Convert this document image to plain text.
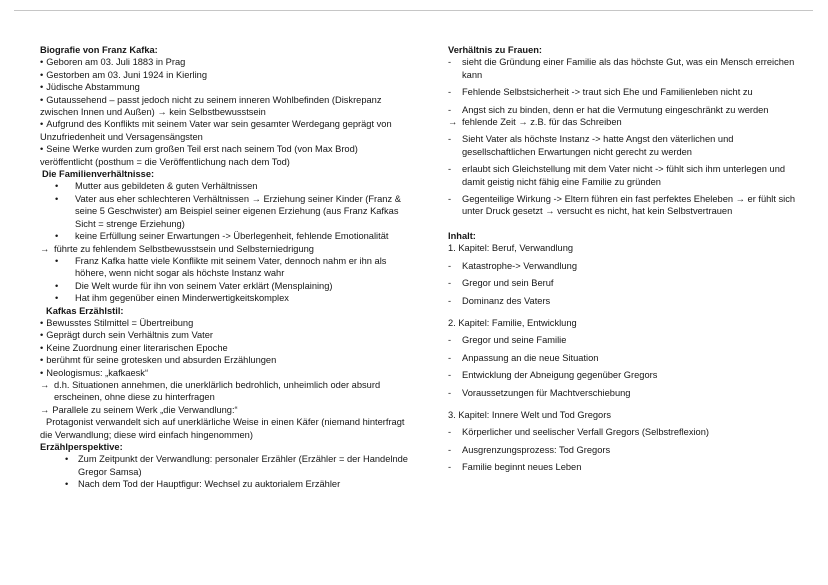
Biografie von Franz Kafka:
• Geboren am 03. Juli 1883 in Prag
• Gestorben am 03. Juni 1924 in Kierling
• Jüdische Abstammung
• Gutaussehend – passt jedoch nicht zu seinem inneren Wohlbefinden (Diskrepanz zwischen Innen und Außen) → kein Selbstbewusstsein
• Aufgrund des Konflikts mit seinem Vater war sein gesamter Werdegang geprägt von Unzufriedenheit und Versagensängsten
• Seine Werke wurden zum großen Teil erst nach seinem Tod (von Max Brod) veröffentlicht (posthum = die Veröffentlichung nach dem Tod)
Die Familienverhältnisse:
•	Mutter aus gebildeten & guten Verhältnissen
•	Vater aus eher schlechteren Verhältnissen → Erziehung seiner Kinder (Franz & seine 5 Geschwister) am Beispiel seiner eigenen Erziehung (aus Franz Kafkas Sicht = strenge Erziehung)
•	keine Erfüllung seiner Erwartungen -> Überlegenheit, fehlende Emotionalität
→ führte zu fehlendem Selbstbewusstsein und Selbsterniedrigung
•	Franz Kafka hatte viele Konflikte mit seinem Vater, dennoch nahm er ihn als höhere, wenn nicht sogar als höchste Instanz wahr
•	Die Welt wurde für ihn von seinem Vater erklärt (Mensplaining)
•	Hat ihm gegenüber einen Minderwertigkeitskomplex
Kafkas Erzählstil:
• Bewusstes Stilmittel = Übertreibung
• Geprägt durch sein Verhältnis zum Vater
• Keine Zuordnung einer literarischen Epoche
• berühmt für seine grotesken und absurden Erzählungen
• Neologismus: „kafkaesk“
→ d.h. Situationen annehmen, die unerklärlich bedrohlich, unheimlich oder absurd erscheinen, ohne diese zu hinterfragen
→ Parallele zu seinem Werk „die Verwandlung:“
Protagonist verwandelt sich auf unerklärliche Weise in einen Käfer (niemand hinterfragt die Verwandlung; diese wird einfach hingenommen)
Erzählperspektive:
•	Zum Zeitpunkt der Verwandlung: personaler Erzähler (Erzähler = der Handelnde Gregor Samsa)
•	Nach dem Tod der Hauptfigur: Wechsel zu auktorialem Erzähler
Verhältnis zu Frauen:
-	sieht die Gründung einer Familie als das höchste Gut, was ein Mensch erreichen kann
-	Fehlende Selbstsicherheit -> traut sich Ehe und Familienleben nicht zu
-	Angst sich zu binden, denn er hat die Vermutung eingeschränkt zu werden
→ fehlende Zeit → z.B. für das Schreiben
-	Sieht Vater als höchste Instanz -> hatte Angst den väterlichen und gesellschaftlichen Erwartungen nicht gerecht zu werden
-	erlaubt sich Gleichstellung mit dem Vater nicht -> fühlt sich ihm unterlegen und damit geistig nicht fähig eine Familie zu gründen
-	Gegenteilige Wirkung -> Eltern führen ein fast perfektes Eheleben → er fühlt sich unter Druck gesetzt → versucht es nicht, hat kein Selbstvertrauen
Inhalt:
1. Kapitel: Beruf, Verwandlung
-	Katastrophe-> Verwandlung
-	Gregor und sein Beruf
-	Dominanz des Vaters
2. Kapitel: Familie, Entwicklung
-	Gregor und seine Familie
-	Anpassung an die neue Situation
-	Entwicklung der Abneigung gegenüber Gregors
-	Voraussetzungen für Machtverschiebung
3. Kapitel: Innere Welt und Tod Gregors
-	Körperlicher und seelischer Verfall Gregors (Selbstreflexion)
-	Ausgrenzungsprozess: Tod Gregors
-	Familie beginnt neues Leben
